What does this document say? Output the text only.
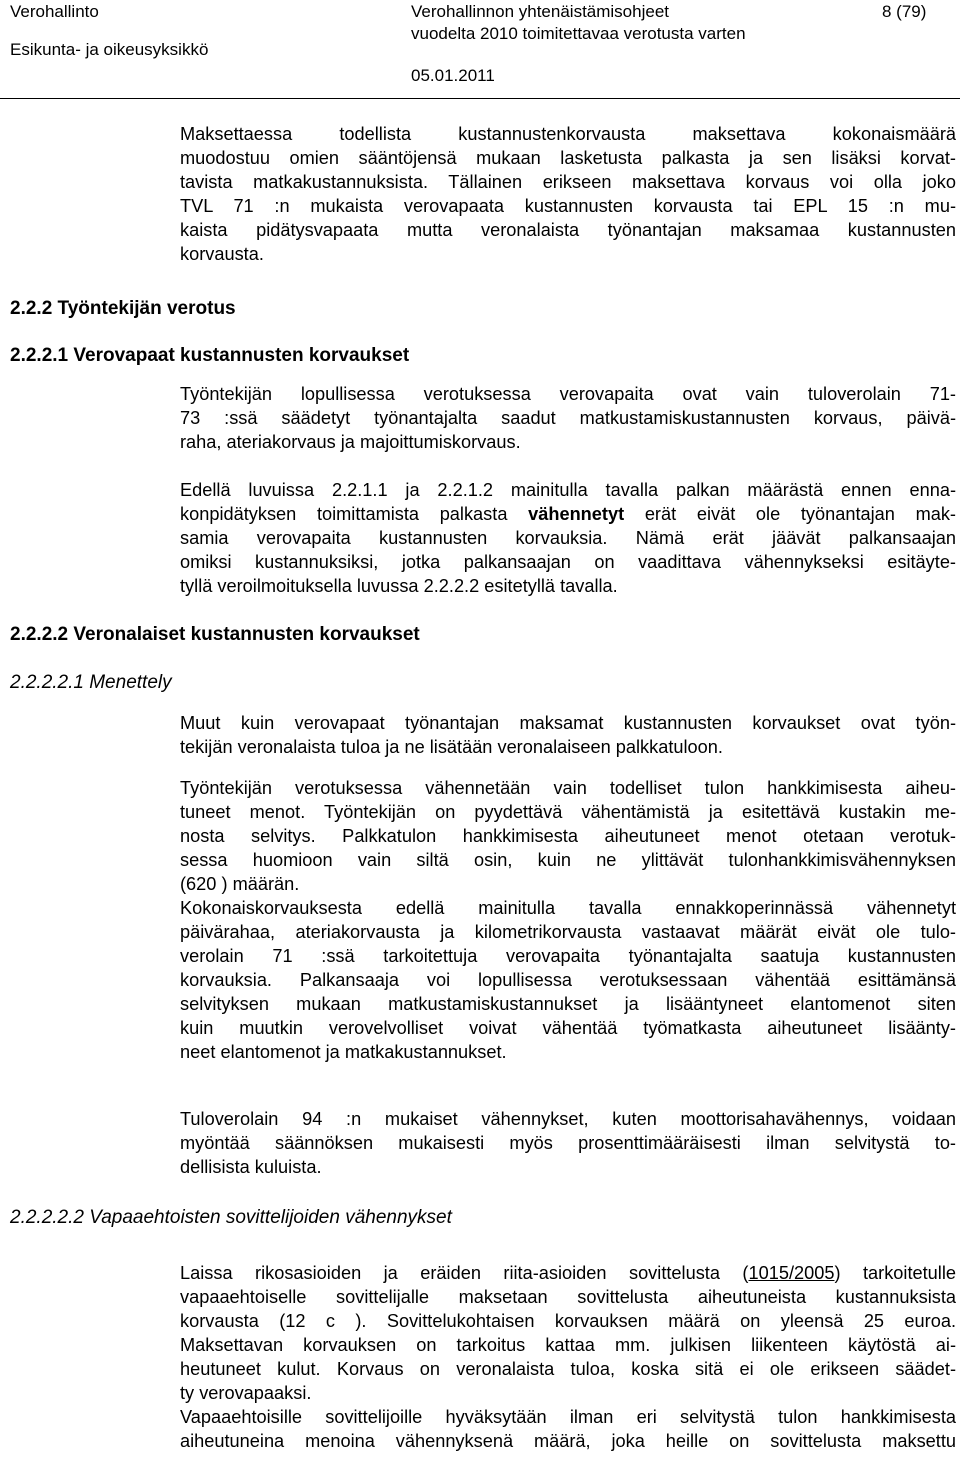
Verohallinto
Esikunta- ja oikeusyksikkö
Verohallinnon yhtenäistämisohjeet
vuodelta 2010 toimitettavaa verotusta varten
05.01.2011
8 (79)
Maksettaessa todellista kustannustenkorvausta maksettava kokonaismäärä
muodostuu omien sääntöjensä mukaan lasketusta palkasta ja sen lisäksi korvat-
tavista matkakustannuksista. Tällainen erikseen maksettava korvaus voi olla joko
TVL 71 :n mukaista verovapaata kustannusten korvausta tai EPL 15 :n mu-
kaista pidätysvapaata mutta veronalaista työnantajan maksamaa kustannusten
korvausta.
2.2.2 Työntekijän verotus
2.2.2.1 Verovapaat kustannusten korvaukset
Työntekijän lopullisessa verotuksessa verovapaita ovat vain tuloverolain 71-
73 :ssä säädetyt työnantajalta saadut matkustamiskustannusten korvaus, päivä-
raha, ateriakorvaus ja majoittumiskorvaus.
Edellä luvuissa 2.2.1.1 ja 2.2.1.2 mainitulla tavalla palkan määrästä ennen enna-
konpidätyksen toimittamista palkasta vähennetyt erät eivät ole työnantajan mak-
samia verovapaita kustannusten korvauksia. Nämä erät jäävät palkansaajan
omiksi kustannuksiksi, jotka palkansaajan on vaadittava vähennykseksi esitäyte-
tyllä veroilmoituksella luvussa 2.2.2.2 esitetyllä tavalla.
2.2.2.2 Veronalaiset kustannusten korvaukset
2.2.2.2.1 Menettely
Muut kuin verovapaat työnantajan maksamat kustannusten korvaukset ovat työn-
tekijän veronalaista tuloa ja ne lisätään veronalaiseen palkkatuloon.
Työntekijän verotuksessa vähennetään vain todelliset tulon hankkimisesta aiheu-
tuneet menot. Työntekijän on pyydettävä vähentämistä ja esitettävä kustakin me-
nosta selvitys. Palkkatulon hankkimisesta aiheutuneet menot otetaan verotuk-
sessa huomioon vain siltä osin, kuin ne ylittävät tulonhankkimisvähennyksen
(620 ) määrän.
Kokonaiskorvauksesta edellä mainitulla tavalla ennakkoperinnässä vähennetyt
päivärahaa, ateriakorvausta ja kilometrikorvausta vastaavat määrät eivät ole tulo-
verolain 71 :ssä tarkoitettuja verovapaita työnantajalta saatuja kustannusten
korvauksia. Palkansaaja voi lopullisessa verotuksessaan vähentää esittämänsä
selvityksen mukaan matkustamiskustannukset ja lisääntyneet elantomenot siten
kuin muutkin verovelvolliset voivat vähentää työmatkasta aiheutuneet lisäänty-
neet elantomenot ja matkakustannukset.
Tuloverolain 94 :n mukaiset vähennykset, kuten moottorisahavähennys, voidaan
myöntää säännöksen mukaisesti myös prosenttimääräisesti ilman selvitystä to-
dellisista kuluista.
2.2.2.2.2 Vapaaehtoisten sovittelijoiden vähennykset
Laissa rikosasioiden ja eräiden riita-asioiden sovittelusta (1015/2005) tarkoitetulle
vapaaehtoiselle sovittelijalle maksetaan sovittelusta aiheutuneista kustannuksista
korvausta (12 c ). Sovittelukohtaisen korvauksen määrä on yleensä 25 euroa.
Maksettavan korvauksen on tarkoitus kattaa mm. julkisen liikenteen käytöstä ai-
heutuneet kulut. Korvaus on veronalaista tuloa, koska sitä ei ole erikseen säädet-
ty verovapaaksi.
Vapaaehtoisille sovittelijoille hyväksytään ilman eri selvitystä tulon hankkimisesta
aiheutuneina menoina vähennyksenä määrä, joka heille on sovittelusta maksettu
